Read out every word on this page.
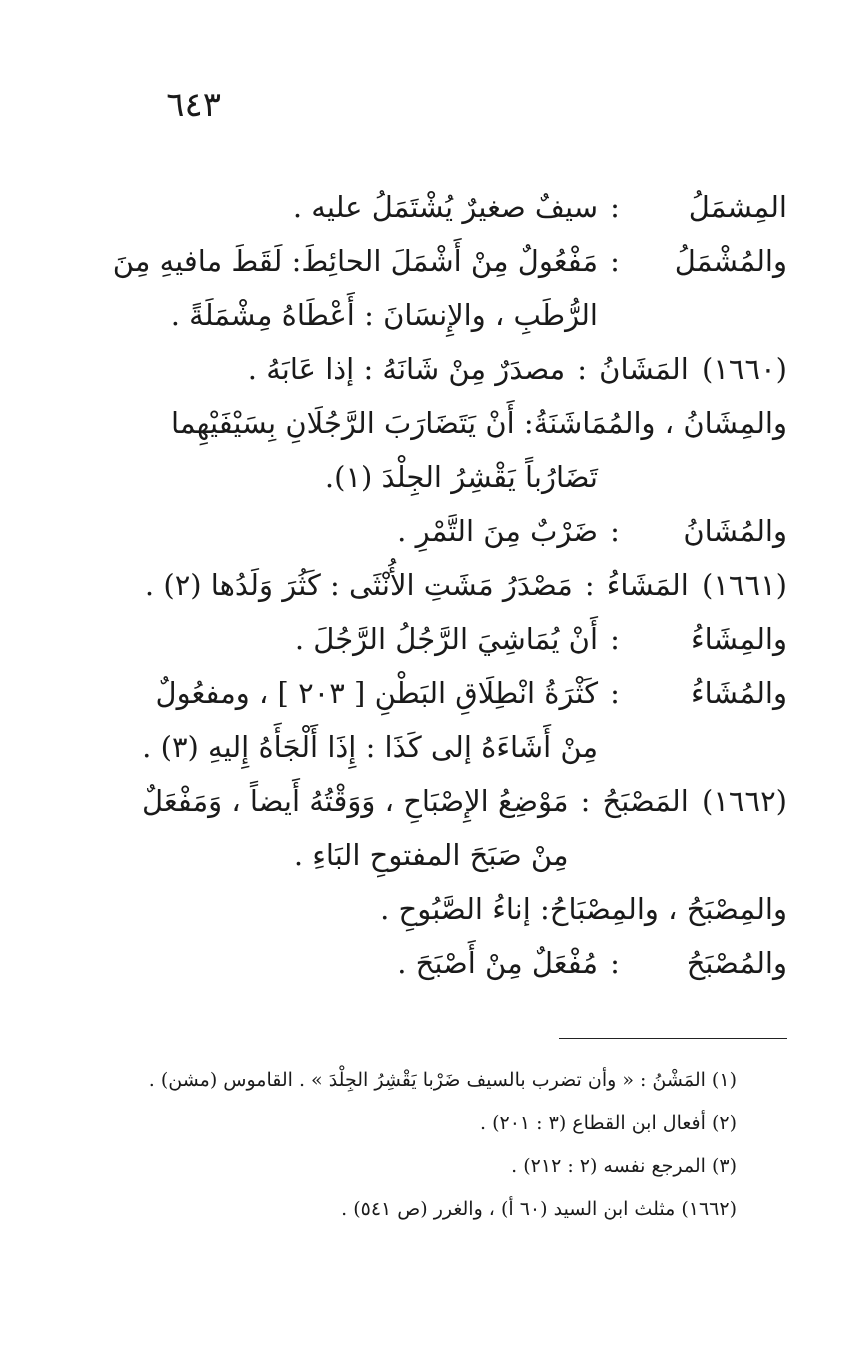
٦٤٣
المِشمَلُ
:
سيفٌ صغيرٌ يُشْتَمَلُ عليه .
والمُشْمَلُ
:
مَفْعُولٌ مِنْ أَشْمَلَ الحائِطَ: لَقَطَ مافيهِ مِنَ
الرُّطَبِ ، والإِنسَانَ : أَعْطَاهُ مِشْمَلَةً .
(١٦٦٠) المَشَانُ
:
مصدَرٌ مِنْ شَانَهُ : إذا عَابَهُ .
والمِشَانُ ، والمُمَاشَنَةُ: أَنْ يَتَضَارَبَ الرَّجُلَانِ بِسَيْفَيْهِما
تَضَارُباً يَقْشِرُ الجِلْدَ (١).
والمُشَانُ
:
ضَرْبٌ مِنَ التَّمْرِ .
(١٦٦١) المَشَاءُ
:
مَصْدَرُ مَشَتِ الأُنْثَى : كَثُرَ وَلَدُها (٢) .
والمِشَاءُ
:
أَنْ يُمَاشِيَ الرَّجُلُ الرَّجُلَ .
والمُشَاءُ
:
كَثْرَةُ انْطِلَاقِ البَطْنِ [ ٢٠٣ ] ، ومفعُولٌ
مِنْ أَشَاءَهُ إلى كَذَا : إِذَا أَلْجَأَهُ إِليهِ (٣) .
(١٦٦٢) المَصْبَحُ
:
مَوْضِعُ الإِصْبَاحِ ، وَوَقْتُهُ أَيضاً ، وَمَفْعَلٌ
مِنْ صَبَحَ المفتوحِ البَاءِ .
والمِصْبَحُ ، والمِصْبَاحُ: إناءُ الصَّبُوحِ .
والمُصْبَحُ
:
مُفْعَلٌ مِنْ أَصْبَحَ .
(١) المَشْنُ : « وأن تضرب بالسيف ضَرْبا يَقْشِرُ الجِلْدَ » . القاموس (مشن) .
(٢) أفعال ابن القطاع (٣ : ٢٠١) .
(٣) المرجع نفسه (٢ : ٢١٢) .
(١٦٦٢) مثلث ابن السيد (٦٠ أ) ، والغرر (ص ٥٤١) .
